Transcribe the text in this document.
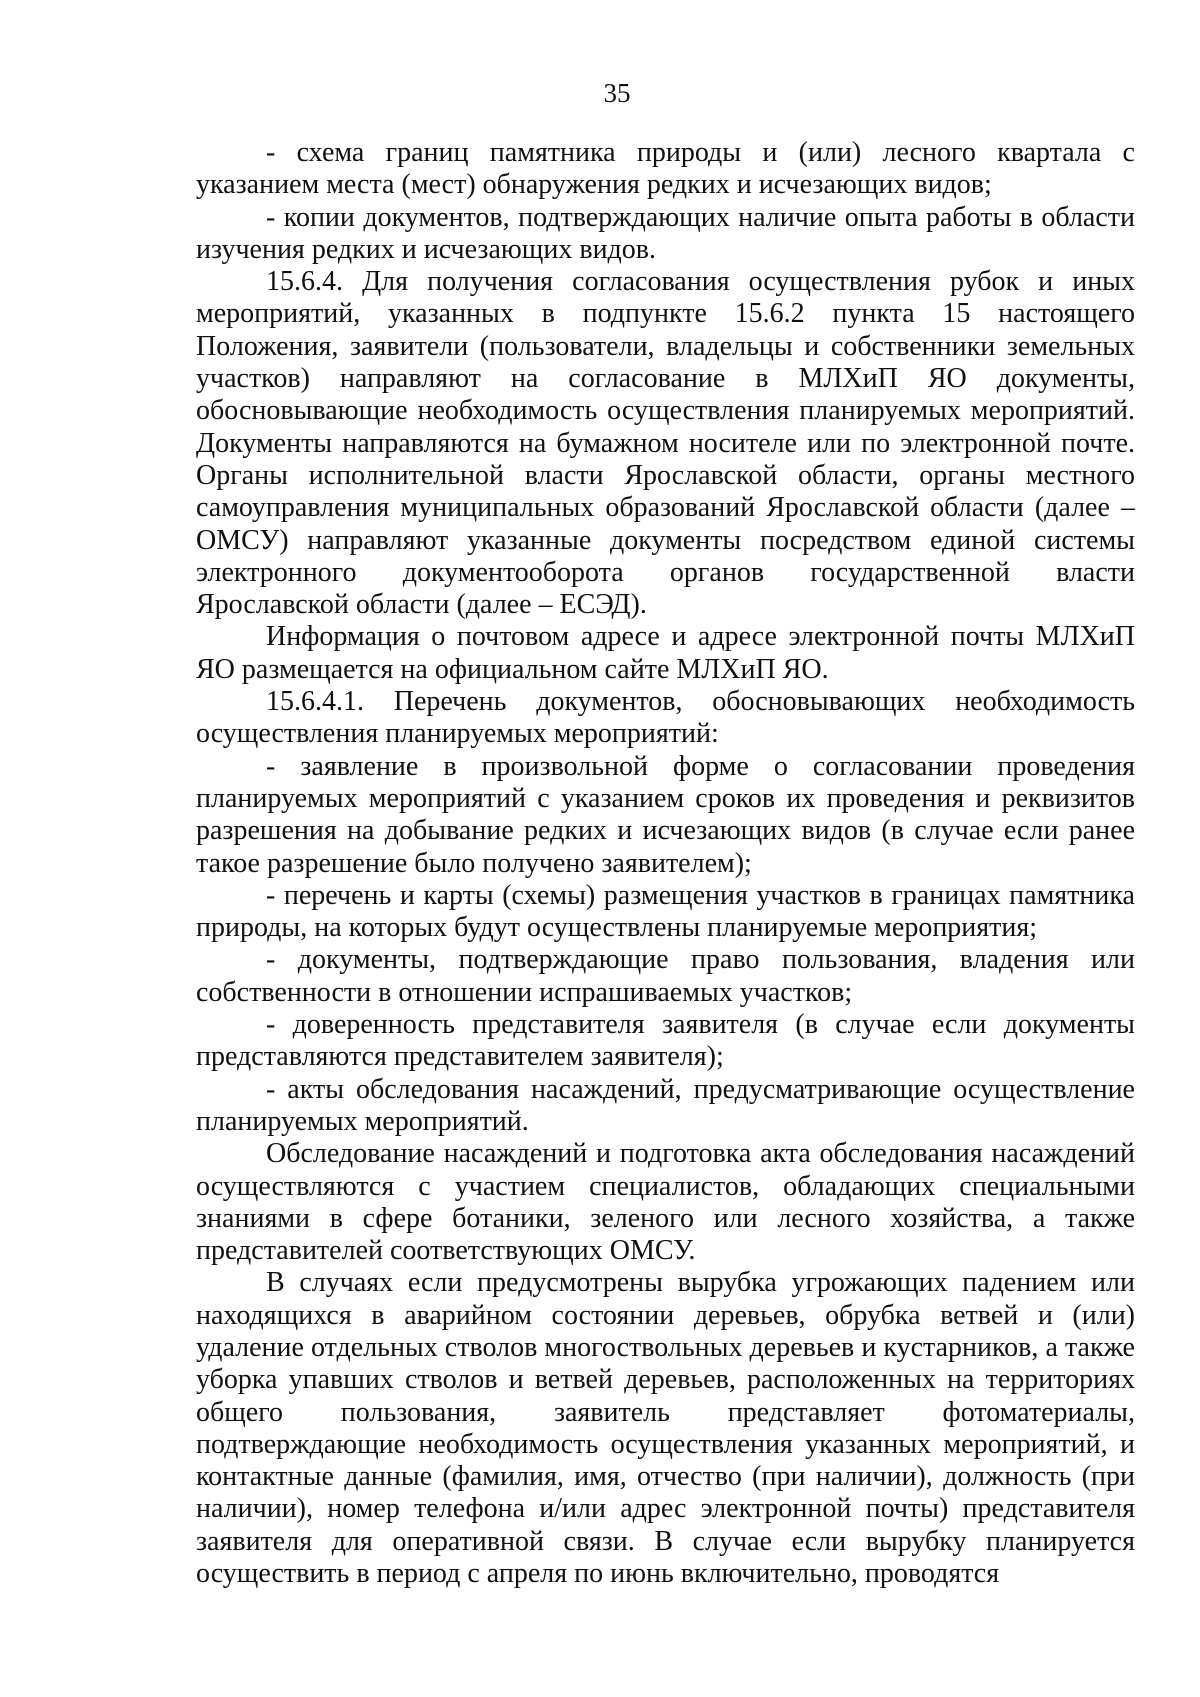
35

- схема границ памятника природы и (или) лесного квартала с указанием места (мест) обнаружения редких и исчезающих видов;

- копии документов, подтверждающих наличие опыта работы в области изучения редких и исчезающих видов.

15.6.4. Для получения согласования осуществления рубок и иных мероприятий, указанных в подпункте 15.6.2 пункта 15 настоящего Положения, заявители (пользователи, владельцы и собственники земельных участков) направляют на согласование в МЛХиП ЯО документы, обосновывающие необходимость осуществления планируемых мероприятий. Документы направляются на бумажном носителе или по электронной почте. Органы исполнительной власти Ярославской области, органы местного самоуправления муниципальных образований Ярославской области (далее – ОМСУ) направляют указанные документы посредством единой системы электронного документооборота органов государственной власти Ярославской области (далее – ЕСЭД).

Информация о почтовом адресе и адресе электронной почты МЛХиП ЯО размещается на официальном сайте МЛХиП ЯО.

15.6.4.1. Перечень документов, обосновывающих необходимость осуществления планируемых мероприятий:

- заявление в произвольной форме о согласовании проведения планируемых мероприятий с указанием сроков их проведения и реквизитов разрешения на добывание редких и исчезающих видов (в случае если ранее такое разрешение было получено заявителем);

- перечень и карты (схемы) размещения участков в границах памятника природы, на которых будут осуществлены планируемые мероприятия;

- документы, подтверждающие право пользования, владения или собственности в отношении испрашиваемых участков;

- доверенность представителя заявителя (в случае если документы представляются представителем заявителя);

- акты обследования насаждений, предусматривающие осуществление планируемых мероприятий.

Обследование насаждений и подготовка акта обследования насаждений осуществляются с участием специалистов, обладающих специальными знаниями в сфере ботаники, зеленого или лесного хозяйства, а также представителей соответствующих ОМСУ.

В случаях если предусмотрены вырубка угрожающих падением или находящихся в аварийном состоянии деревьев, обрубка ветвей и (или) удаление отдельных стволов многоствольных деревьев и кустарников, а также уборка упавших стволов и ветвей деревьев, расположенных на территориях общего пользования, заявитель представляет фотоматериалы, подтверждающие необходимость осуществления указанных мероприятий, и контактные данные (фамилия, имя, отчество (при наличии), должность (при наличии), номер телефона и/или адрес электронной почты) представителя заявителя для оперативной связи. В случае если вырубку планируется осуществить в период с апреля по июнь включительно, проводятся
